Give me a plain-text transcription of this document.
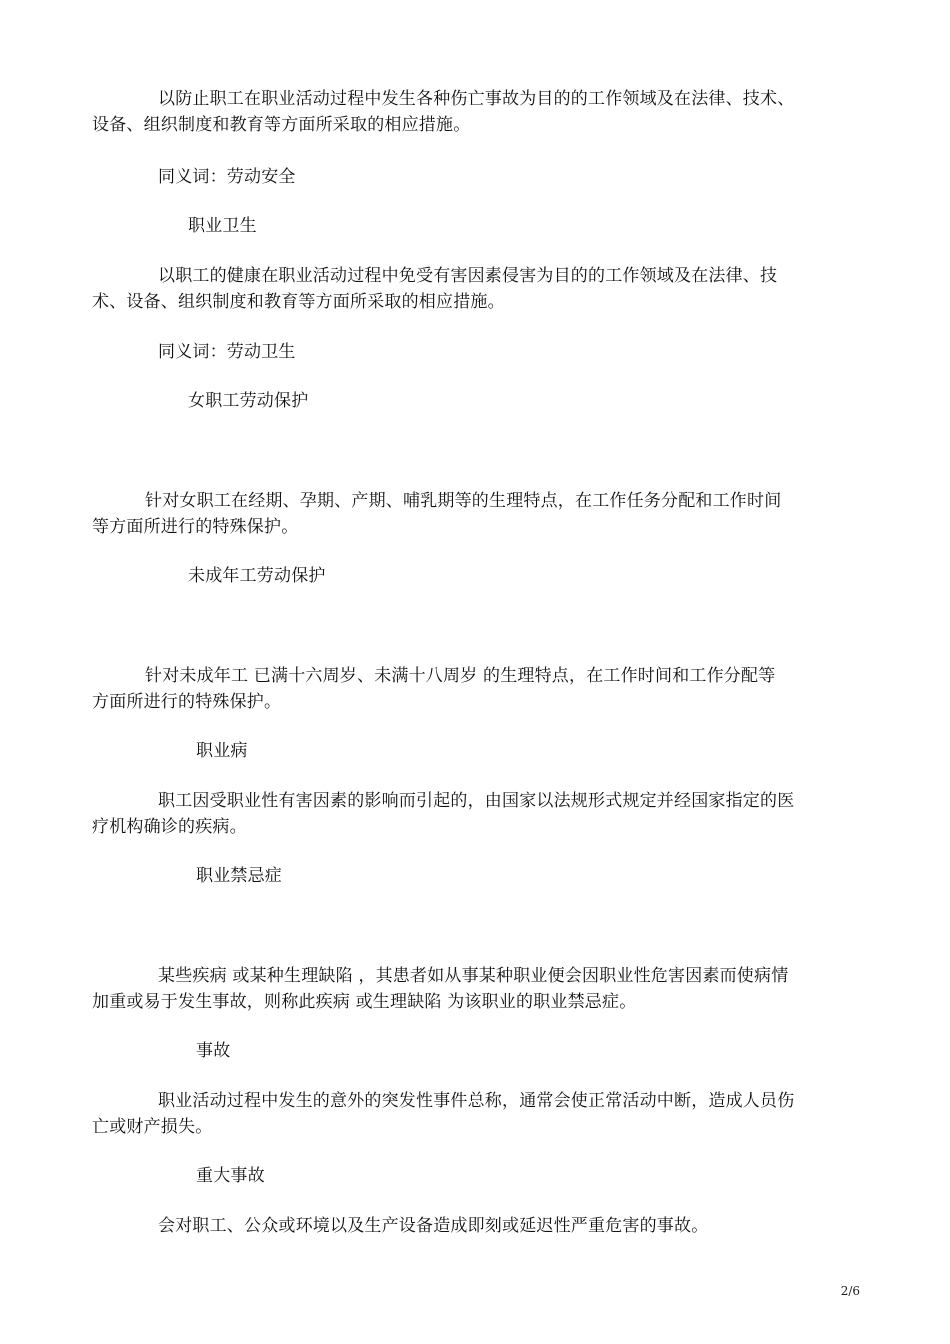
以防止职工在职业活动过程中发生各种伤亡事故为目的的工作领域及在法律、技术、
设备、组织制度和教育等方面所采取的相应措施。
同义词：劳动安全
职业卫生
以职工的健康在职业活动过程中免受有害因素侵害为目的的工作领域及在法律、技
术、设备、组织制度和教育等方面所采取的相应措施。
同义词：劳动卫生
女职工劳动保护
针对女职工在经期、孕期、产期、哺乳期等的生理特点，在工作任务分配和工作时间
等方面所进行的特殊保护。
未成年工劳动保护
针对未成年工 已满十六周岁、未满十八周岁 的生理特点，在工作时间和工作分配等
方面所进行的特殊保护。
职业病
职工因受职业性有害因素的影响而引起的，由国家以法规形式规定并经国家指定的医
疗机构确诊的疾病。
职业禁忌症
某些疾病 或某种生理缺陷 ，其患者如从事某种职业便会因职业性危害因素而使病情
加重或易于发生事故，则称此疾病 或生理缺陷 为该职业的职业禁忌症。
事故
职业活动过程中发生的意外的突发性事件总称，通常会使正常活动中断，造成人员伤
亡或财产损失。
重大事故
会对职工、公众或环境以及生产设备造成即刻或延迟性严重危害的事故。
2/6
